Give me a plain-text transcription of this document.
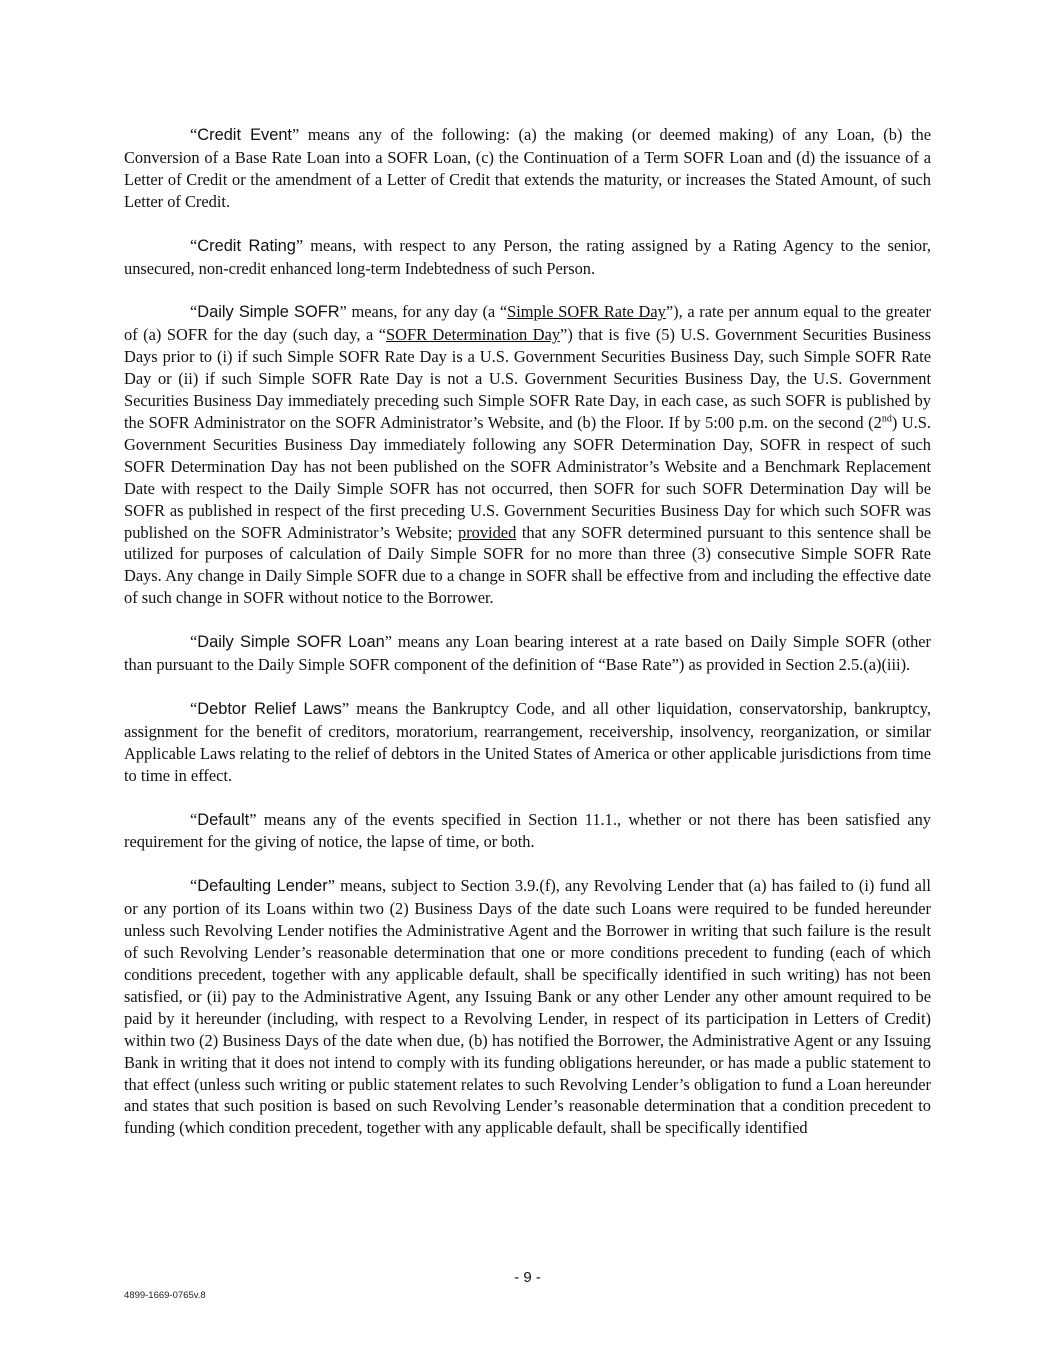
“Credit Event” means any of the following: (a) the making (or deemed making) of any Loan, (b) the Conversion of a Base Rate Loan into a SOFR Loan, (c) the Continuation of a Term SOFR Loan and (d) the issuance of a Letter of Credit or the amendment of a Letter of Credit that extends the maturity, or increases the Stated Amount, of such Letter of Credit.

“Credit Rating” means, with respect to any Person, the rating assigned by a Rating Agency to the senior, unsecured, non-credit enhanced long-term Indebtedness of such Person.

“Daily Simple SOFR” means, for any day (a “Simple SOFR Rate Day”), a rate per annum equal to the greater of (a) SOFR for the day (such day, a “SOFR Determination Day”) that is five (5) U.S. Government Securities Business Days prior to (i) if such Simple SOFR Rate Day is a U.S. Government Securities Business Day, such Simple SOFR Rate Day or (ii) if such Simple SOFR Rate Day is not a U.S. Government Securities Business Day, the U.S. Government Securities Business Day immediately preceding such Simple SOFR Rate Day, in each case, as such SOFR is published by the SOFR Administrator on the SOFR Administrator’s Website, and (b) the Floor. If by 5:00 p.m. on the second (2nd) U.S. Government Securities Business Day immediately following any SOFR Determination Day, SOFR in respect of such SOFR Determination Day has not been published on the SOFR Administrator’s Website and a Benchmark Replacement Date with respect to the Daily Simple SOFR has not occurred, then SOFR for such SOFR Determination Day will be SOFR as published in respect of the first preceding U.S. Government Securities Business Day for which such SOFR was published on the SOFR Administrator’s Website; provided that any SOFR determined pursuant to this sentence shall be utilized for purposes of calculation of Daily Simple SOFR for no more than three (3) consecutive Simple SOFR Rate Days. Any change in Daily Simple SOFR due to a change in SOFR shall be effective from and including the effective date of such change in SOFR without notice to the Borrower.

“Daily Simple SOFR Loan” means any Loan bearing interest at a rate based on Daily Simple SOFR (other than pursuant to the Daily Simple SOFR component of the definition of “Base Rate”) as provided in Section 2.5.(a)(iii).

“Debtor Relief Laws” means the Bankruptcy Code, and all other liquidation, conservatorship, bankruptcy, assignment for the benefit of creditors, moratorium, rearrangement, receivership, insolvency, reorganization, or similar Applicable Laws relating to the relief of debtors in the United States of America or other applicable jurisdictions from time to time in effect.

“Default” means any of the events specified in Section 11.1., whether or not there has been satisfied any requirement for the giving of notice, the lapse of time, or both.

“Defaulting Lender” means, subject to Section 3.9.(f), any Revolving Lender that (a) has failed to (i) fund all or any portion of its Loans within two (2) Business Days of the date such Loans were required to be funded hereunder unless such Revolving Lender notifies the Administrative Agent and the Borrower in writing that such failure is the result of such Revolving Lender’s reasonable determination that one or more conditions precedent to funding (each of which conditions precedent, together with any applicable default, shall be specifically identified in such writing) has not been satisfied, or (ii) pay to the Administrative Agent, any Issuing Bank or any other Lender any other amount required to be paid by it hereunder (including, with respect to a Revolving Lender, in respect of its participation in Letters of Credit) within two (2) Business Days of the date when due, (b) has notified the Borrower, the Administrative Agent or any Issuing Bank in writing that it does not intend to comply with its funding obligations hereunder, or has made a public statement to that effect (unless such writing or public statement relates to such Revolving Lender’s obligation to fund a Loan hereunder and states that such position is based on such Revolving Lender’s reasonable determination that a condition precedent to funding (which condition precedent, together with any applicable default, shall be specifically identified

- 9 -
4899-1669-0765v.8
